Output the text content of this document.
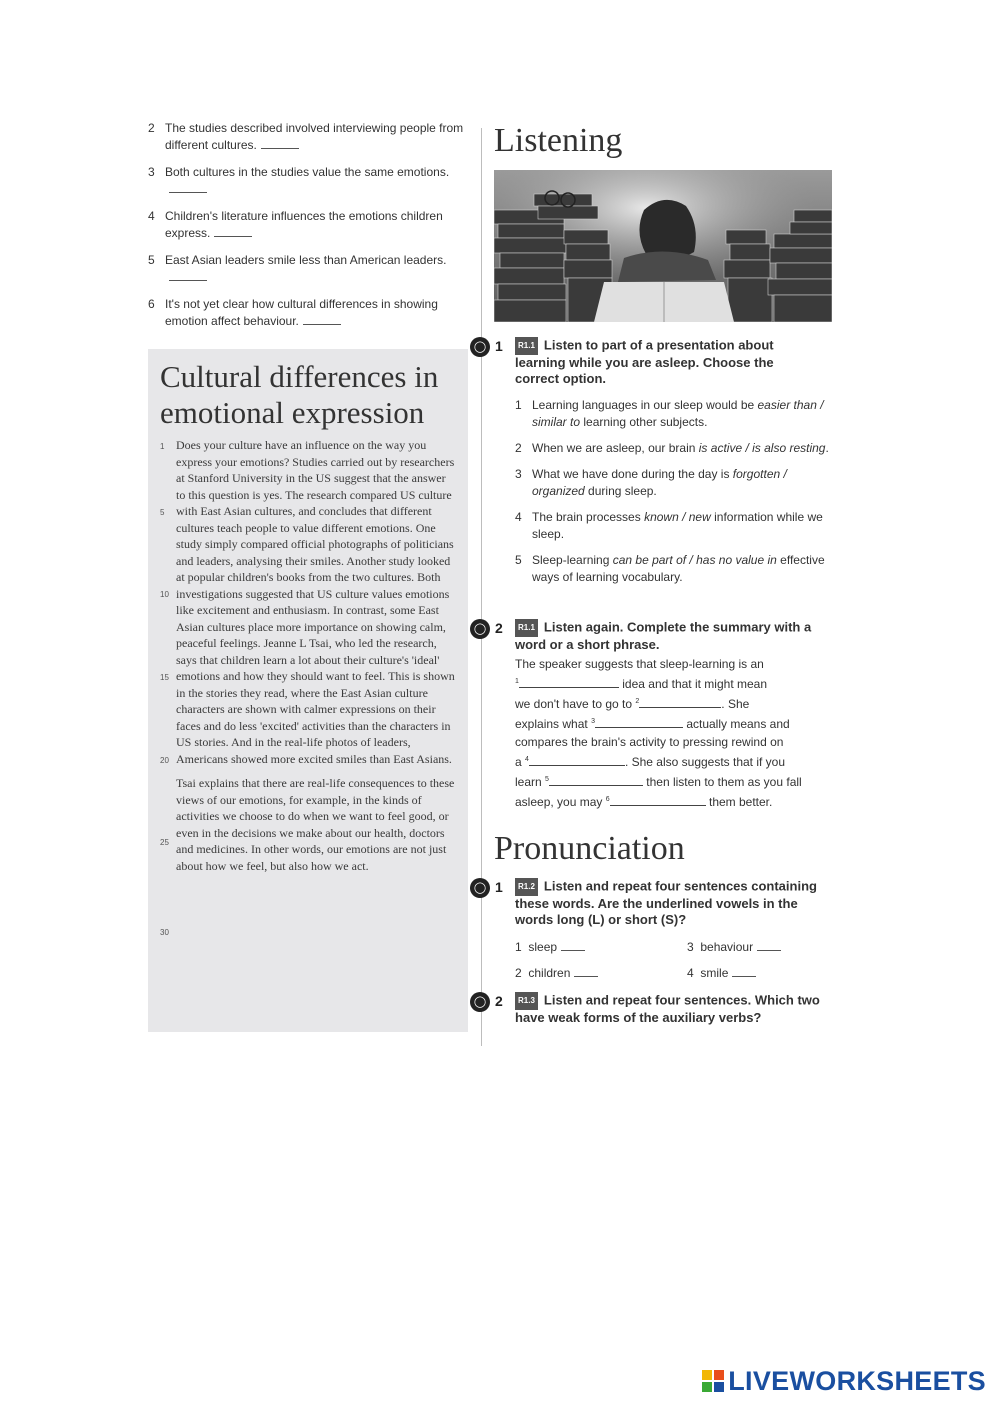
2 The studies described involved interviewing people from different cultures.
3 Both cultures in the studies value the same emotions.
4 Children's literature influences the emotions children express.
5 East Asian leaders smile less than American leaders.
6 It's not yet clear how cultural differences in showing emotion affect behaviour.
Cultural differences in emotional expression
1
5
10
15
20
25
30

Does your culture have an influence on the way you express your emotions? Studies carried out by researchers at Stanford University in the US suggest that the answer to this question is yes. The research compared US culture with East Asian cultures, and concludes that different cultures teach people to value different emotions. One study simply compared official photographs of politicians and leaders, analysing their smiles. Another study looked at popular children's books from the two cultures. Both investigations suggested that US culture values emotions like excitement and enthusiasm. In contrast, some East Asian cultures place more importance on showing calm, peaceful feelings. Jeanne L Tsai, who led the research, says that children learn a lot about their culture's 'ideal' emotions and how they should want to feel. This is shown in the stories they read, where the East Asian culture characters are shown with calmer expressions on their faces and do less 'excited' activities than the characters in US stories. And in the real-life photos of leaders, Americans showed more excited smiles than East Asians.

Tsai explains that there are real-life consequences to these views of our emotions, for example, in the kinds of activities we choose to do when we want to feel good, or even in the decisions we make about our health, doctors and medicines. In other words, our emotions are not just about how we feel, but also how we act.

Listening
◯ 1	R1.1 Listen to part of a presentation about learning while you are asleep. Choose the correct option.
1 Learning languages in our sleep would be easier than / similar to learning other subjects.
2 When we are asleep, our brain is active / is also resting.
3 What we have done during the day is forgotten / organized during sleep.
4 The brain processes known / new information while we sleep.
5 Sleep-learning can be part of / has no value in effective ways of learning vocabulary.
◯ 2	R1.1 Listen again. Complete the summary with a word or a short phrase.
The speaker suggests that sleep-learning is an
$^1$	idea and that it might mean
we don't have to go to $^2$	. She
explains what $^3$	actually means and
compares the brain's activity to pressing rewind on
a $^4$	. She also suggests that if you
learn $^5$	then listen to them as you fall
asleep, you may $^6$	them better.
Pronunciation
◯ 1	R1.2 Listen and repeat four sentences containing these words. Are the underlined vowels in the words long (L) or short (S)?
1 sleep	3 behaviour
2 children	4 smile
◯ 2	R1.3 Listen and repeat four sentences. Which two have weak forms of the auxiliary verbs?
LIVEWORKSHEETS
